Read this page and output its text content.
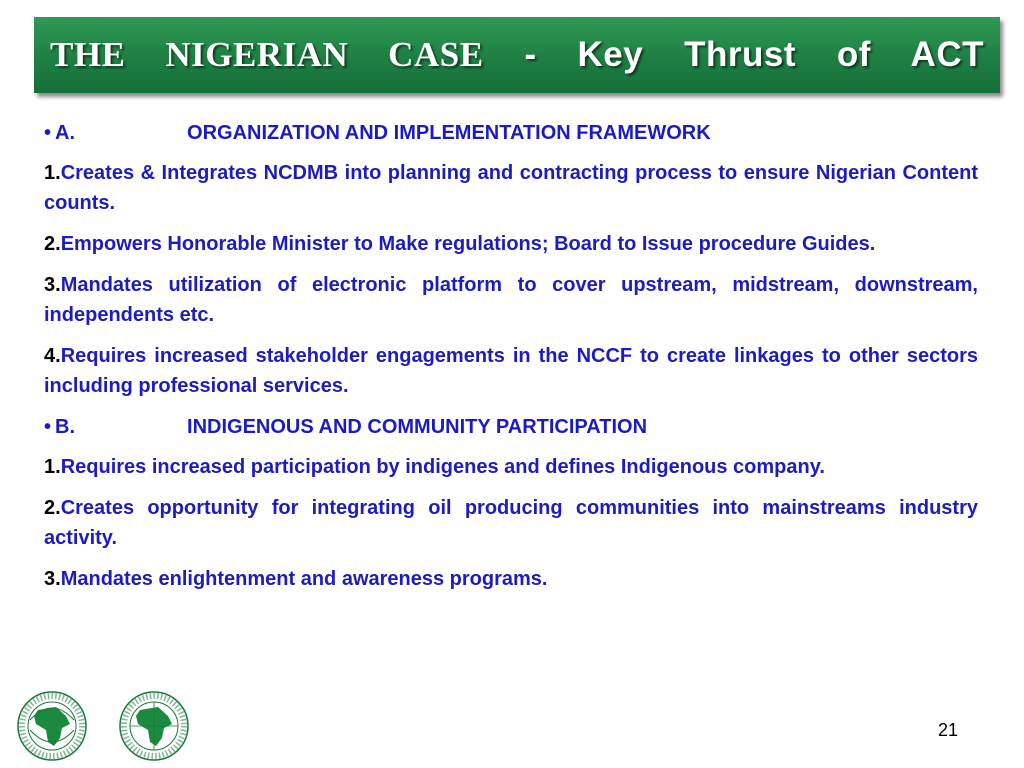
THE NIGERIAN CASE - Key Thrust of ACT
• A.	ORGANIZATION AND IMPLEMENTATION FRAMEWORK
1.Creates & Integrates NCDMB into planning and contracting process to ensure Nigerian Content counts.
2.Empowers Honorable Minister to Make regulations; Board to Issue procedure Guides.
3.Mandates utilization of electronic platform to cover upstream, midstream, downstream, independents etc.
4.Requires increased stakeholder engagements in the NCCF to create linkages to other sectors including professional services.
• B.	INDIGENOUS AND COMMUNITY PARTICIPATION
1.Requires increased participation by indigenes and defines Indigenous company.
2.Creates opportunity for integrating oil producing communities into mainstreams industry activity.
3.Mandates enlightenment and awareness programs.
21
